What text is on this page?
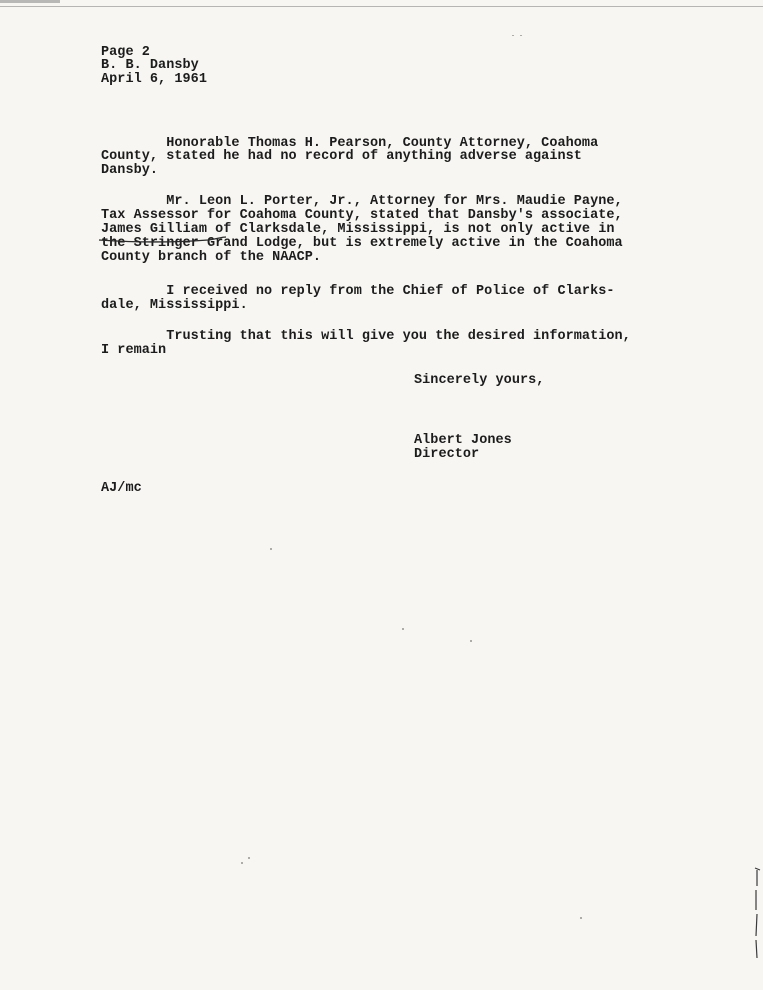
Page 2
B. B. Dansby
April 6, 1961
Honorable Thomas H. Pearson, County Attorney, Coahoma
County, stated he had no record of anything adverse against
Dansby.
Mr. Leon L. Porter, Jr., Attorney for Mrs. Maudie Payne,
Tax Assessor for Coahoma County, stated that Dansby's associate,
James Gilliam of Clarksdale, Mississippi, is not only active in
the Stringer Grand Lodge, but is extremely active in the Coahoma
County branch of the NAACP.
I received no reply from the Chief of Police of Clarks-
dale, Mississippi.
Trusting that this will give you the desired information,
I remain
Sincerely yours,
Albert Jones
Director
AJ/mc
